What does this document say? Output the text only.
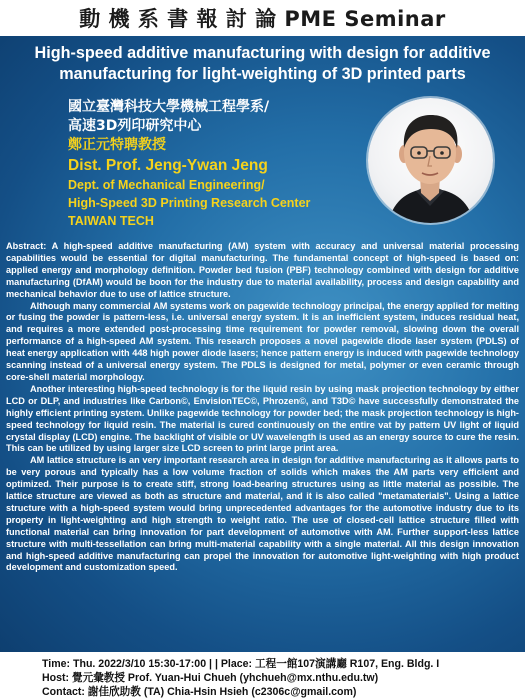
動 機 系 書 報 討 論 PME Seminar
High-speed additive manufacturing with design for additive
manufacturing for light-weighting of 3D printed parts
國立臺灣科技大學機械工程學系/
高速3D列印研究中心
鄭正元特聘教授
Dist. Prof. Jeng-Ywan Jeng
Dept. of Mechanical Engineering/
High-Speed 3D Printing Research Center
TAIWAN TECH

Abstract: A high-speed additive manufacturing (AM) system with accuracy and universal material processing capabilities would be essential for digital manufacturing. The fundamental concept of high-speed is based on: applied energy and morphology definition. Powder bed fusion (PBF) technology combined with design for additive manufacturing (DfAM) would be boon for the industry due to material availability, process and design capability and mechanical behavior due to use of lattice structure.

Although many commercial AM systems work on pagewide technology principal, the energy applied for melting or fusing the powder is pattern-less, i.e. universal energy system. It is an inefficient system, induces residual heat, and requires a more extended post-processing time requirement for powder removal, slowing down the overall performance of a high-speed AM system. This research proposes a novel pagewide diode laser system (PDLS) of heat energy application with 448 high power diode lasers; hence pattern energy is induced with pagewide technology scanning instead of a universal energy system. The PDLS is designed for metal, polymer or even ceramic through core-shell material morphology.

Another interesting high-speed technology is for the liquid resin by using mask projection technology by either LCD or DLP, and industries like Carbon©, EnvisionTEC©, Phrozen©, and T3D© have successfully demonstrated the highly efficient printing system. Unlike pagewide technology for powder bed; the mask projection technology is high-speed technology for liquid resin. The material is cured continuously on the entire vat by pattern UV light of liquid crystal display (LCD) engine. The backlight of visible or UV wavelength is used as an energy source to cure the resin. This can be utilized by using larger size LCD screen to print large print area.

AM lattice structure is an very important research area in design for additive manufacturing as it allows parts to be very porous and typically has a low volume fraction of solids which makes the AM parts very efficient and optimized. Their purpose is to create stiff, strong load-bearing structures using as little material as possible. The lattice structure are viewed as both as structure and material, and it is also called "metamaterials". Using a lattice structure with a high-speed system would bring unprecedented advantages for the automotive industry due to its property in light-weighting and high strength to weight ratio. The use of closed-cell lattice structure filled with functional material can bring innovation for part development of automotive with AM. Further support-less lattice structure with multi-tessellation can bring multi-material capability with a single material. All this design innovation and high-speed additive manufacturing can propel the innovation for automotive light-weighting with high product development and customization speed.

Time: Thu. 2022/3/10 15:30-17:00 | | Place: 工程一館107演講廳 R107, Eng. Bldg. I
Host: 覺元彙教授 Prof. Yuan-Hui Chueh (yhchueh@mx.nthu.edu.tw)
Contact: 謝佳欣助教 (TA) Chia-Hsin Hsieh (c2306c@gmail.com)
